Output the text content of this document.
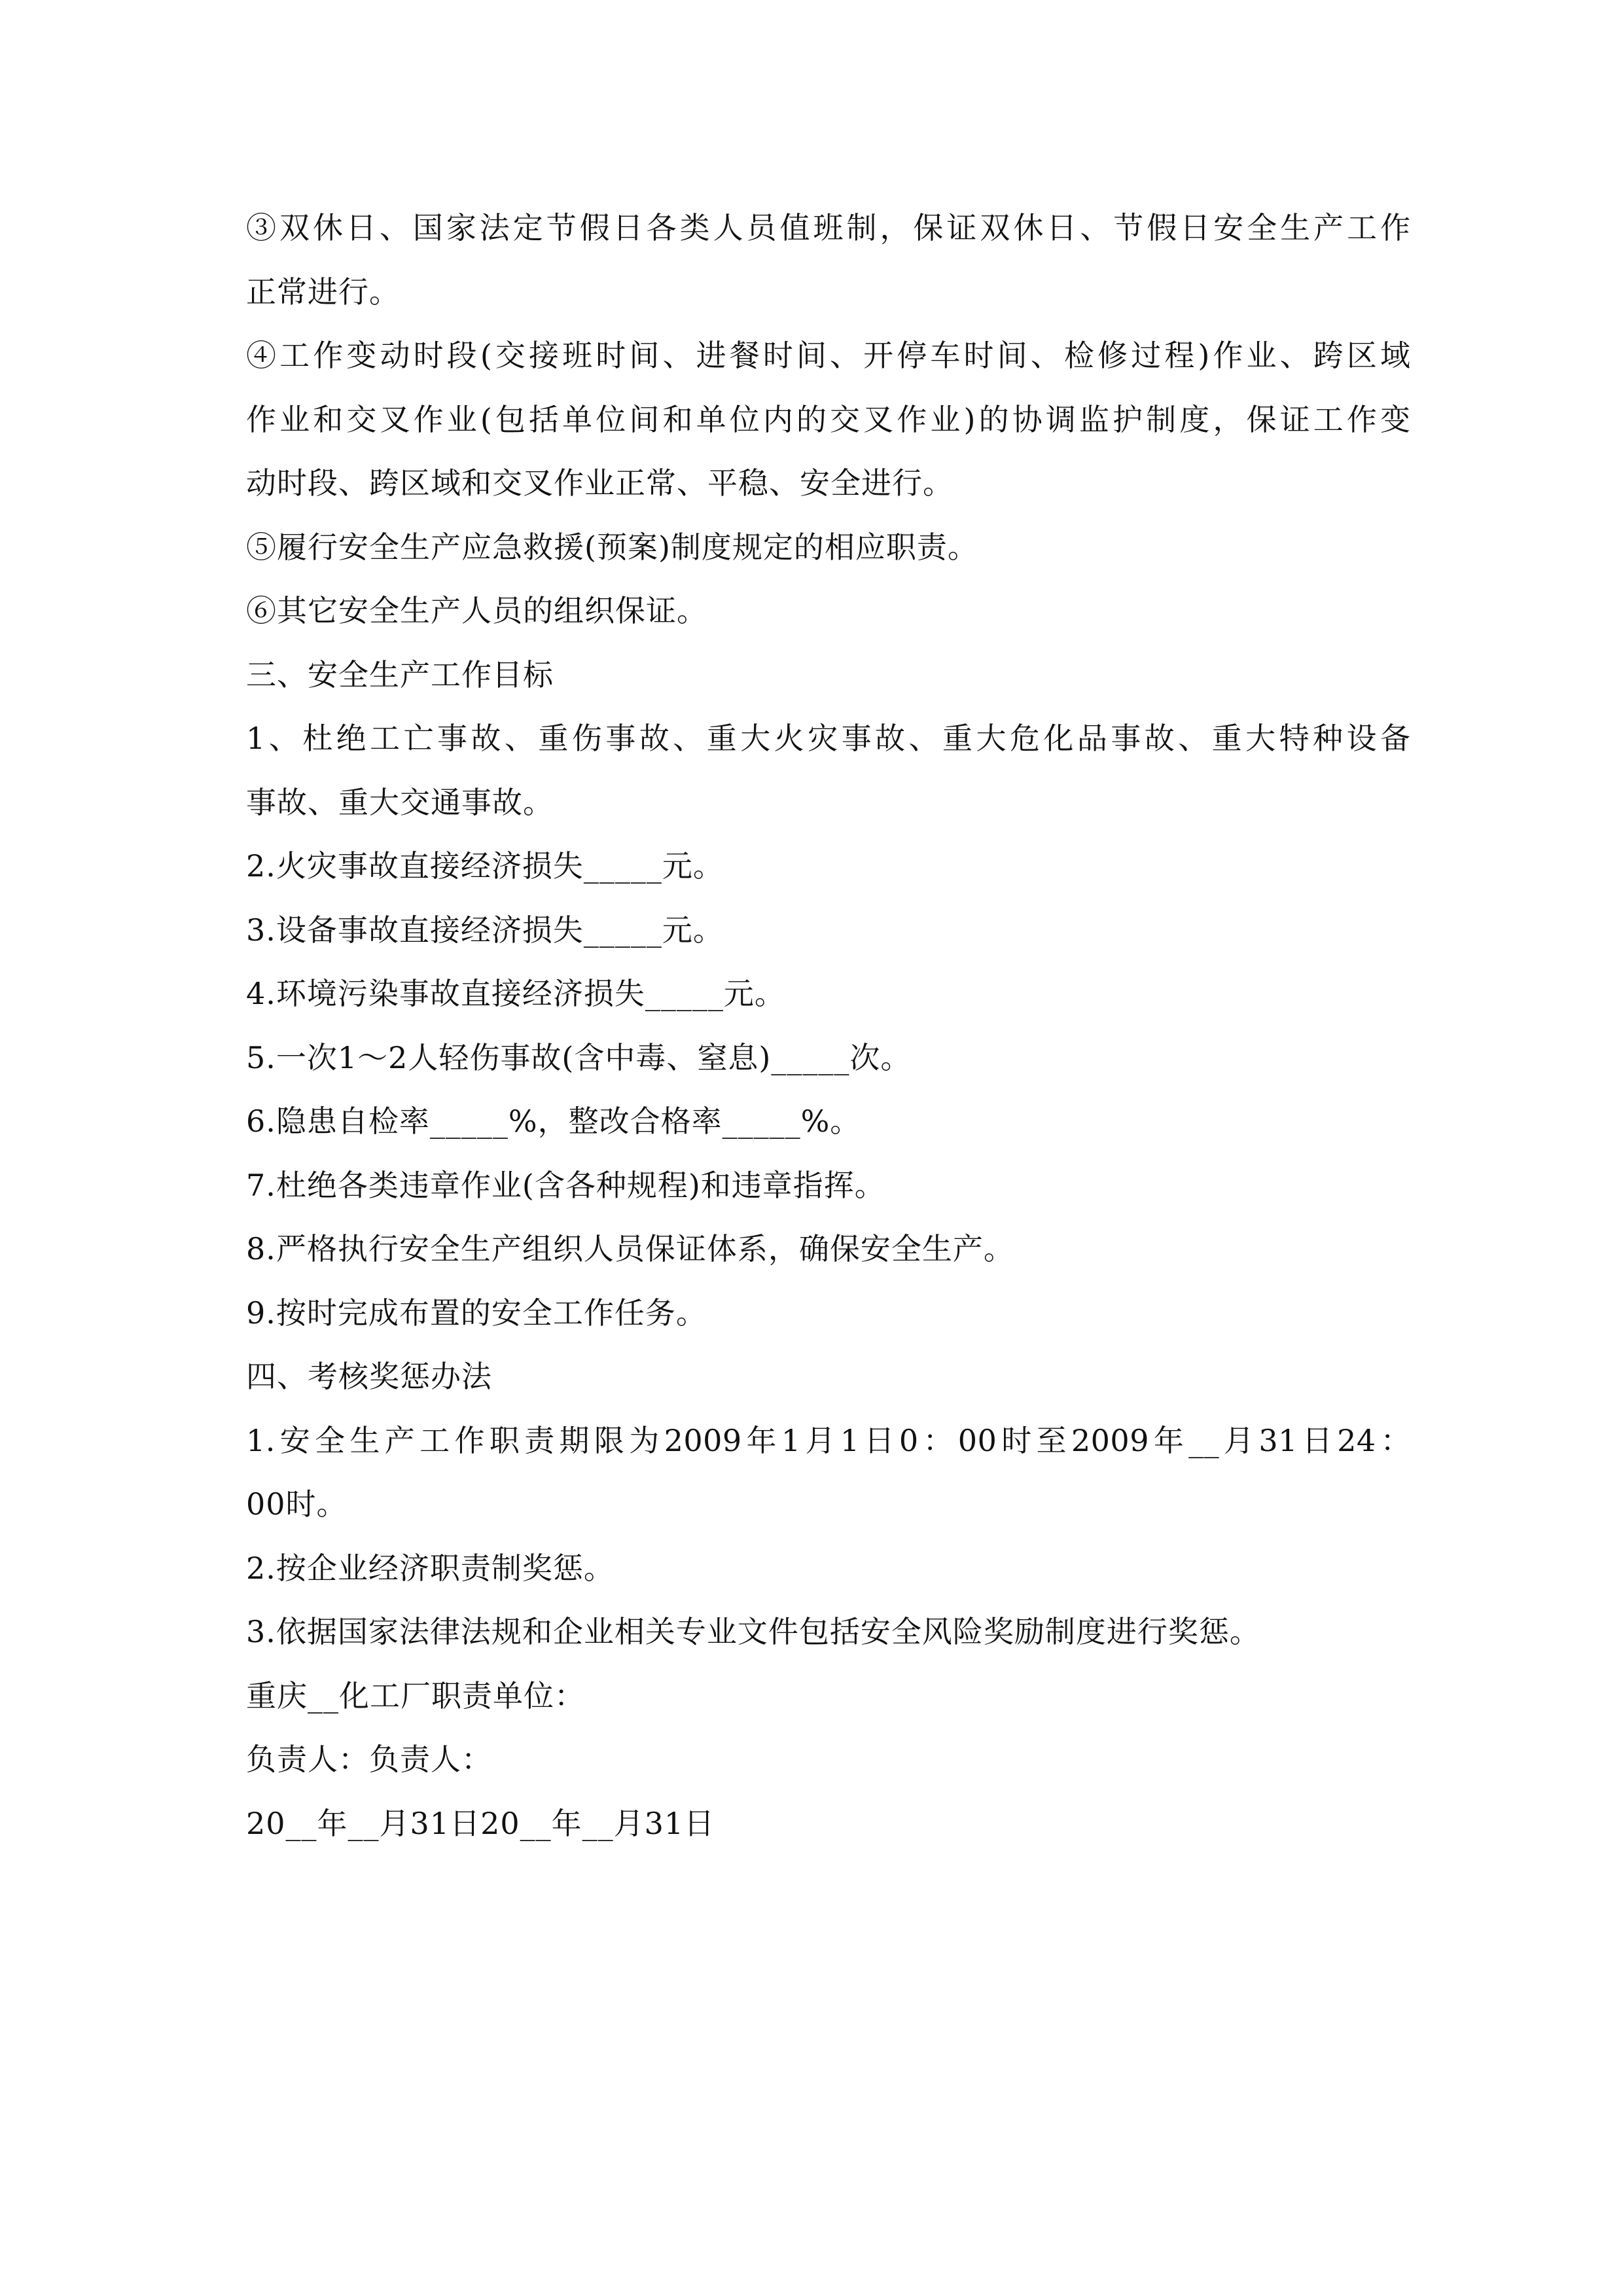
③双休日、国家法定节假日各类人员值班制，保证双休日、节假日安全生产工作
正常进行。
④工作变动时段(交接班时间、进餐时间、开停车时间、检修过程)作业、跨区域
作业和交叉作业(包括单位间和单位内的交叉作业)的协调监护制度，保证工作变
动时段、跨区域和交叉作业正常、平稳、安全进行。
⑤履行安全生产应急救援(预案)制度规定的相应职责。
⑥其它安全生产人员的组织保证。
三、安全生产工作目标
1、杜绝工亡事故、重伤事故、重大火灾事故、重大危化品事故、重大特种设备
事故、重大交通事故。
2.火灾事故直接经济损失_____元。
3.设备事故直接经济损失_____元。
4.环境污染事故直接经济损失_____元。
5.一次1～2人轻伤事故(含中毒、窒息)_____次。
6.隐患自检率_____%，整改合格率_____%。
7.杜绝各类违章作业(含各种规程)和违章指挥。
8.严格执行安全生产组织人员保证体系，确保安全生产。
9.按时完成布置的安全工作任务。
四、考核奖惩办法
1.安全生产工作职责期限为2009年1月1日0：00时至2009年__月31日24：
00时。
2.按企业经济职责制奖惩。
3.依据国家法律法规和企业相关专业文件包括安全风险奖励制度进行奖惩。
重庆__化工厂职责单位：
负责人：负责人：
20__年__月31日20__年__月31日
